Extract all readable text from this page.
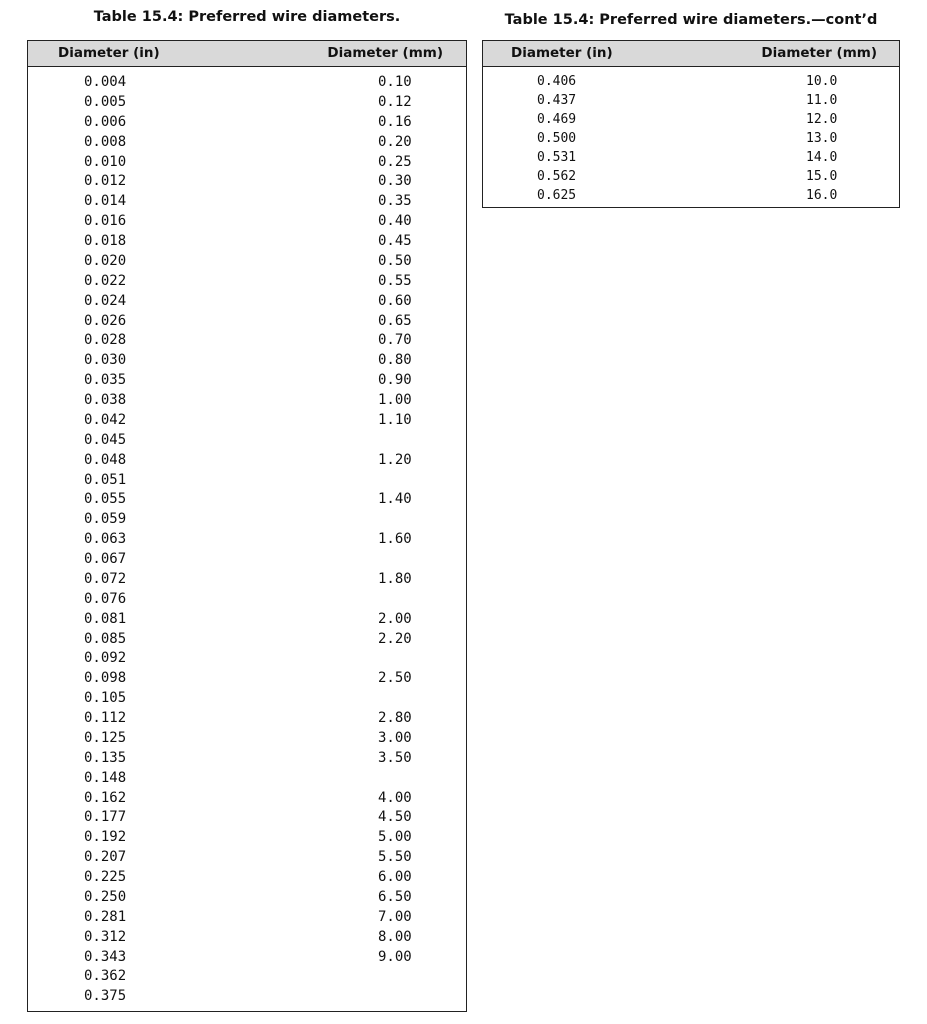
Table 15.4: Preferred wire diameters.	Table 15.4: Preferred wire diameters.—cont’d
Diameter (in)	Diameter (mm)
0.004	0.10
0.005	0.12
0.006	0.16
0.008	0.20
0.010	0.25
0.012	0.30
0.014	0.35
0.016	0.40
0.018	0.45
0.020	0.50
0.022	0.55
0.024	0.60
0.026	0.65
0.028	0.70
0.030	0.80
0.035	0.90
0.038	1.00
0.042	1.10
0.045
0.048	1.20
0.051
0.055	1.40
0.059
0.063	1.60
0.067
0.072	1.80
0.076
0.081	2.00
0.085	2.20
0.092
0.098	2.50
0.105
0.112	2.80
0.125	3.00
0.135	3.50
0.148
0.162	4.00
0.177	4.50
0.192	5.00
0.207	5.50
0.225	6.00
0.250	6.50
0.281	7.00
0.312	8.00
0.343	9.00
0.362
0.375
Diameter (in)	Diameter (mm)
0.406	10.0
0.437	11.0
0.469	12.0
0.500	13.0
0.531	14.0
0.562	15.0
0.625	16.0
